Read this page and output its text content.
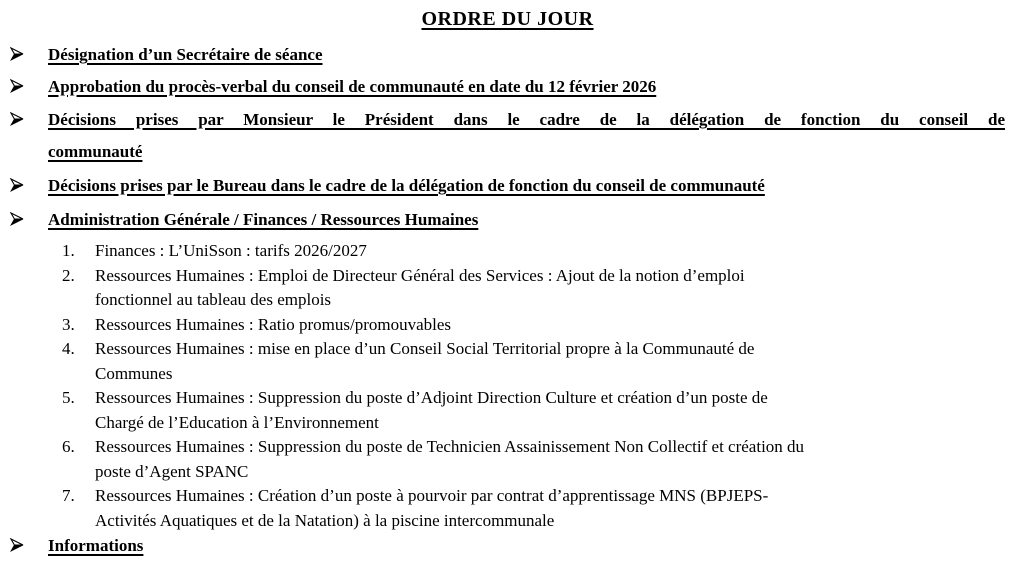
ORDRE DU JOUR
Désignation d’un Secrétaire de séance
Approbation du procès-verbal du conseil de communauté en date du 12 février 2026
Décisions prises par Monsieur le Président dans le cadre de la délégation de fonction du conseil de
communauté
Décisions prises par le Bureau dans le cadre de la délégation de fonction du conseil de communauté
Administration Générale / Finances / Ressources Humaines
1.	Finances : L’UniSson : tarifs 2026/2027
2.	Ressources Humaines : Emploi de Directeur Général des Services : Ajout de la notion d’emploi
fonctionnel au tableau des emplois
3.	Ressources Humaines : Ratio promus/promouvables
4.	Ressources Humaines : mise en place d’un Conseil Social Territorial propre à la Communauté de
Communes
5.	Ressources Humaines : Suppression du poste d’Adjoint Direction Culture et création d’un poste de
Chargé de l’Education à l’Environnement
6.	Ressources Humaines : Suppression du poste de Technicien Assainissement Non Collectif et création du
poste d’Agent SPANC
7.	Ressources Humaines : Création d’un poste à pourvoir par contrat d’apprentissage MNS (BPJEPS-
Activités Aquatiques et de la Natation) à la piscine intercommunale
Informations
